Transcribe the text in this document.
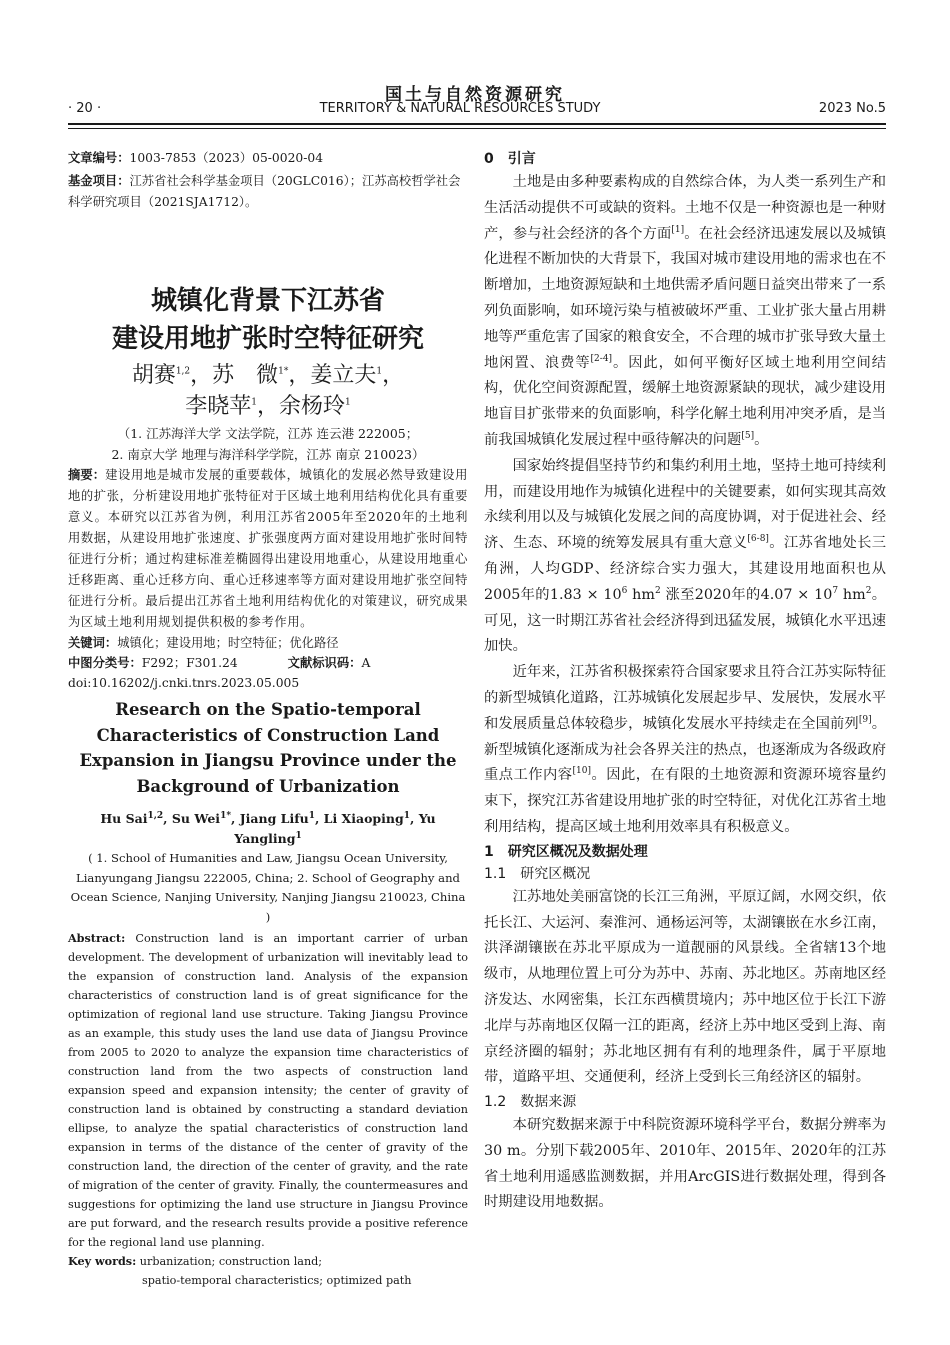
国土与自然资源研究
· 20 ·	TERRITORY & NATURAL RESOURCES STUDY	2023 No.5
文章编号：1003-7853（2023）05-0020-04
基金项目：江苏省社会科学基金项目（20GLC016）；江苏高校哲学社会科学研究项目（2021SJA1712）。
城镇化背景下江苏省
建设用地扩张时空特征研究
胡赛$^{1,2}$，苏　微$^{1*}$，姜立夫$^1$，
李晓苹$^1$，余杨玲$^1$
（1. 江苏海洋大学 文法学院，江苏 连云港 222005；
2. 南京大学 地理与海洋科学学院，江苏 南京 210023）
摘要：建设用地是城市发展的重要载体，城镇化的发展必然导致建设用地的扩张，分析建设用地扩张特征对于区域土地利用结构优化具有重要意义。本研究以江苏省为例，利用江苏省2005年至2020年的土地利用数据，从建设用地扩张速度、扩张强度两方面对建设用地扩张时间特征进行分析；通过构建标准差椭圆得出建设用地重心，从建设用地重心迁移距离、重心迁移方向、重心迁移速率等方面对建设用地扩张空间特征进行分析。最后提出江苏省土地利用结构优化的对策建议，研究成果为区域土地利用规划提供积极的参考作用。
关键词：城镇化；建设用地；时空特征；优化路径
中图分类号：F292；F301.24	文献标识码：A
doi:10.16202/j.cnki.tnrs.2023.05.005
Research on the Spatio-temporal
Characteristics of Construction Land
Expansion in Jiangsu Province under the
Background of Urbanization
Hu Sai$^{1,2}$, Su Wei$^{1*}$, Jiang Lifu$^1$, Li Xiaoping$^1$, Yu Yangling$^1$
( 1. School of Humanities and Law, Jiangsu Ocean University,
Lianyungang Jiangsu 222005, China; 2. School of Geography and
Ocean Science, Nanjing University, Nanjing Jiangsu 210023, China )
Abstract: Construction land is an important carrier of urban development. The development of urbanization will inevitably lead to the expansion of construction land. Analysis of the expansion characteristics of construction land is of great significance for the optimization of regional land use structure. Taking Jiangsu Province as an example, this study uses the land use data of Jiangsu Province from 2005 to 2020 to analyze the expansion time characteristics of construction land from the two aspects of construction land expansion speed and expansion intensity; the center of gravity of construction land is obtained by constructing a standard deviation ellipse, to analyze the spatial characteristics of construction land expansion in terms of the distance of the center of gravity of the construction land, the direction of the center of gravity, and the rate of migration of the center of gravity. Finally, the countermeasures and suggestions for optimizing the land use structure in Jiangsu Province are put forward, and the research results provide a positive reference for the regional land use planning.
Key words: urbanization; construction land;
spatio-temporal characteristics; optimized path
0　引言

土地是由多种要素构成的自然综合体，为人类一系列生产和生活活动提供不可或缺的资料。土地不仅是一种资源也是一种财产，参与社会经济的各个方面[1]。在社会经济迅速发展以及城镇化进程不断加快的大背景下，我国对城市建设用地的需求也在不断增加，土地资源短缺和土地供需矛盾问题日益突出带来了一系列负面影响，如环境污染与植被破坏严重、工业扩张大量占用耕地等严重危害了国家的粮食安全，不合理的城市扩张导致大量土地闲置、浪费等[2-4]。因此，如何平衡好区域土地利用空间结构，优化空间资源配置，缓解土地资源紧缺的现状，减少建设用地盲目扩张带来的负面影响，科学化解土地利用冲突矛盾，是当前我国城镇化发展过程中亟待解决的问题[5]。

国家始终提倡坚持节约和集约利用土地，坚持土地可持续利用，而建设用地作为城镇化进程中的关键要素，如何实现其高效永续利用以及与城镇化发展之间的高度协调，对于促进社会、经济、生态、环境的统筹发展具有重大意义[6-8]。江苏省地处长三角洲，人均GDP、经济综合实力强大，其建设用地面积也从2005年的$1.83 \times 10^6$ $hm^2$ 涨至2020年的$4.07 \times 10^7$ $hm^2$。可见，这一时期江苏省社会经济得到迅猛发展，城镇化水平迅速加快。

近年来，江苏省积极探索符合国家要求且符合江苏实际特征的新型城镇化道路，江苏城镇化发展起步早、发展快，发展水平和发展质量总体较稳步，城镇化发展水平持续走在全国前列[9]。新型城镇化逐渐成为社会各界关注的热点，也逐渐成为各级政府重点工作内容[10]。因此，在有限的土地资源和资源环境容量约束下，探究江苏省建设用地扩张的时空特征，对优化江苏省土地利用结构，提高区域土地利用效率具有积极意义。

1　研究区概况及数据处理
1.1　研究区概况

江苏地处美丽富饶的长江三角洲，平原辽阔，水网交织，依托长江、大运河、秦淮河、通杨运河等，太湖镶嵌在水乡江南，洪泽湖镶嵌在苏北平原成为一道靓丽的风景线。全省辖13个地级市，从地理位置上可分为苏中、苏南、苏北地区。苏南地区经济发达、水网密集，长江东西横贯境内；苏中地区位于长江下游北岸与苏南地区仅隔一江的距离，经济上苏中地区受到上海、南京经济圈的辐射；苏北地区拥有有利的地理条件，属于平原地带，道路平坦、交通便利，经济上受到长三角经济区的辐射。

1.2　数据来源

本研究数据来源于中科院资源环境科学平台，数据分辨率为30 m。分别下载2005年、2010年、2015年、2020年的江苏省土地利用遥感监测数据，并用ArcGIS进行数据处理，得到各时期建设用地数据。
